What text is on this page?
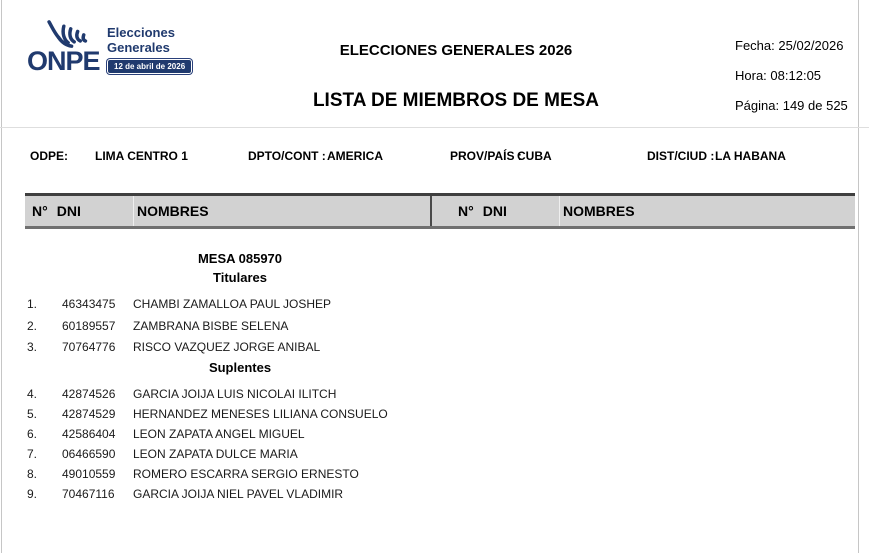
ONPE
Elecciones
Generales
12 de abril de 2026
ELECCIONES GENERALES 2026
LISTA DE MIEMBROS DE MESA
Fecha: 25/02/2026
Hora: 08:12:05
Página: 149 de 525
ODPE: LIMA CENTRO 1	DPTO/CONT : AMERICA	PROV/PAÍS :
CUBA	DIST/CIUD : LA HABANA
N° DNI	NOMBRES	N° DNI	NOMBRES
MESA 085970
Titulares
1. 46343475 CHAMBI ZAMALLOA PAUL JOSHEP
2. 60189557 ZAMBRANA BISBE SELENA
3. 70764776 RISCO VAZQUEZ JORGE ANIBAL
Suplentes
4. 42874526 GARCIA JOIJA LUIS NICOLAI ILITCH
5. 42874529 HERNANDEZ MENESES LILIANA CONSUELO
6. 42586404 LEON ZAPATA ANGEL MIGUEL
7. 06466590 LEON ZAPATA DULCE MARIA
8. 49010559 ROMERO ESCARRA SERGIO ERNESTO
9. 70467116 GARCIA JOIJA NIEL PAVEL VLADIMIR
